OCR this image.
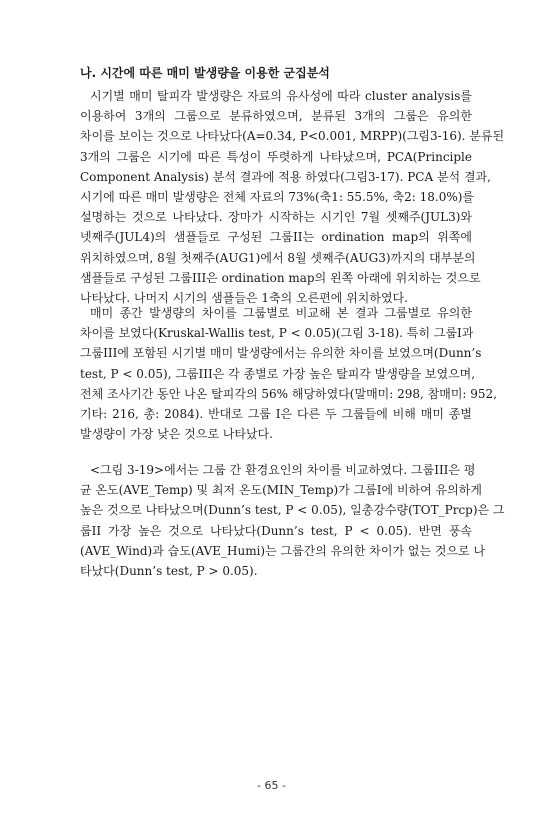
나. 시간에 따른 매미 발생량을 이용한 군집분석
시기별 매미 탈피각 발생량은 자료의 유사성에 따라 cluster analysis를
이용하여 3개의 그룹으로 분류하였으며, 분류된 3개의 그룹은 유의한
차이를 보이는 것으로 나타났다(A=0.34, P<0.001, MRPP)(그림3-16). 분류된
3개의 그룹은 시기에 따른 특성이 뚜렷하게 나타났으며, PCA(Principle
Component Analysis) 분석 결과에 적용 하였다(그림3-17). PCA 분석 결과,
시기에 따른 매미 발생량은 전체 자료의 73%(축1: 55.5%, 축2: 18.0%)를
설명하는 것으로 나타났다. 장마가 시작하는 시기인 7월 셋째주(JUL3)와
넷째주(JUL4)의 샘플들로 구성된 그룹II는 ordination map의 위쪽에
위치하였으며, 8월 첫째주(AUG1)에서 8월 셋째주(AUG3)까지의 대부분의
샘플들로 구성된 그룹III은 ordination map의 왼쪽 아래에 위치하는 것으로
나타났다. 나머지 시기의 샘플들은 1축의 오른편에 위치하였다.
매미 종간 발생량의 차이를 그룹별로 비교해 본 결과 그룹별로 유의한
차이를 보였다(Kruskal-Wallis test, P < 0.05)(그림 3-18). 특히 그룹I과
그룹III에 포함된 시기별 매미 발생량에서는 유의한 차이를 보였으며(Dunn’s
test, P < 0.05), 그룹III은 각 종별로 가장 높은 탈피각 발생량을 보였으며,
전체 조사기간 동안 나온 탈피각의 56% 해당하였다(말매미: 298, 참매미: 952,
기타: 216, 총: 2084). 반대로 그룹 I은 다른 두 그룹들에 비해 매미 종별
발생량이 가장 낮은 것으로 나타났다.
<그림 3-19>에서는 그룹 간 환경요인의 차이를 비교하였다. 그룹III은 평
균 온도(AVE_Temp) 및 최저 온도(MIN_Temp)가 그룹I에 비하여 유의하게
높은 것으로 나타났으며(Dunn’s test, P < 0.05), 일총강수량(TOT_Prcp)은 그
룹II 가장 높은 것으로 나타났다(Dunn’s test, P < 0.05). 반면 풍속
(AVE_Wind)과 습도(AVE_Humi)는 그룹간의 유의한 차이가 없는 것으로 나
타났다(Dunn’s test, P > 0.05).
- 65 -
